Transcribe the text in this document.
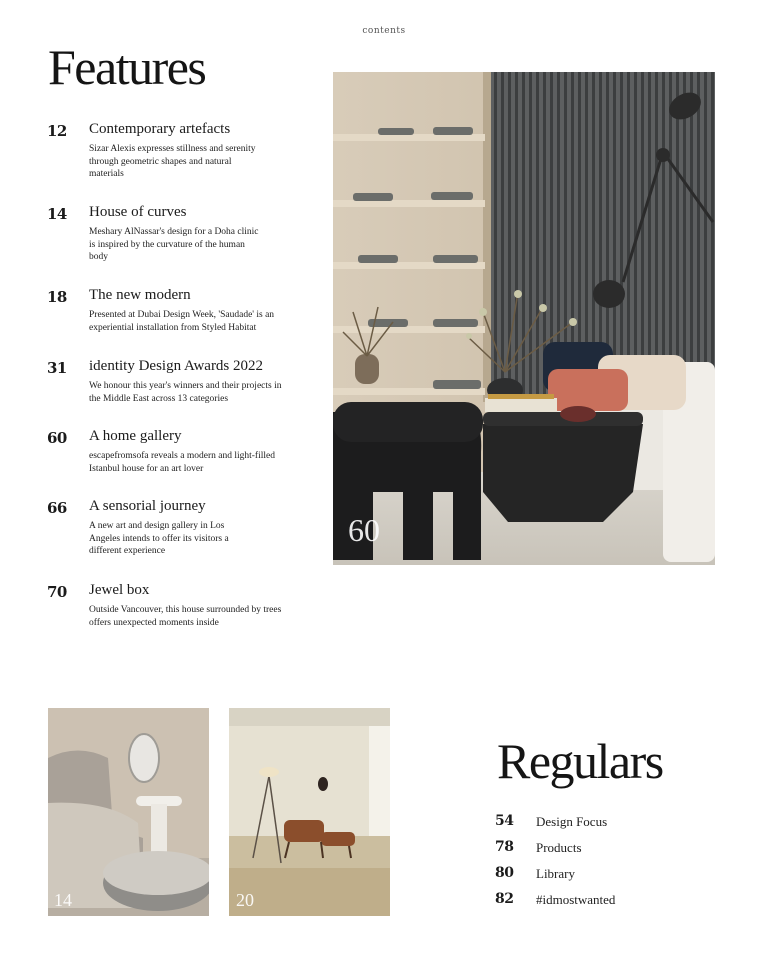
contents
Features
12 Contemporary artefacts
Sizar Alexis expresses stillness and serenity through geometric shapes and natural materials
14 House of curves
Meshary AlNassar's design for a Doha clinic is inspired by the curvature of the human body
18 The new modern
Presented at Dubai Design Week, 'Saudade' is an experiential installation from Styled Habitat
31 identity Design Awards 2022
We honour this year's winners and their projects in the Middle East across 13 categories
60 A home gallery
escapefromsofa reveals a modern and light-filled Istanbul house for an art lover
66 A sensorial journey
A new art and design gallery in Los Angeles intends to offer its visitors a different experience
70 Jewel box
Outside Vancouver, this house surrounded by trees offers unexpected moments inside
60
14	20
Regulars
54 Design Focus
78 Products
80 Library
82 #idmostwanted
